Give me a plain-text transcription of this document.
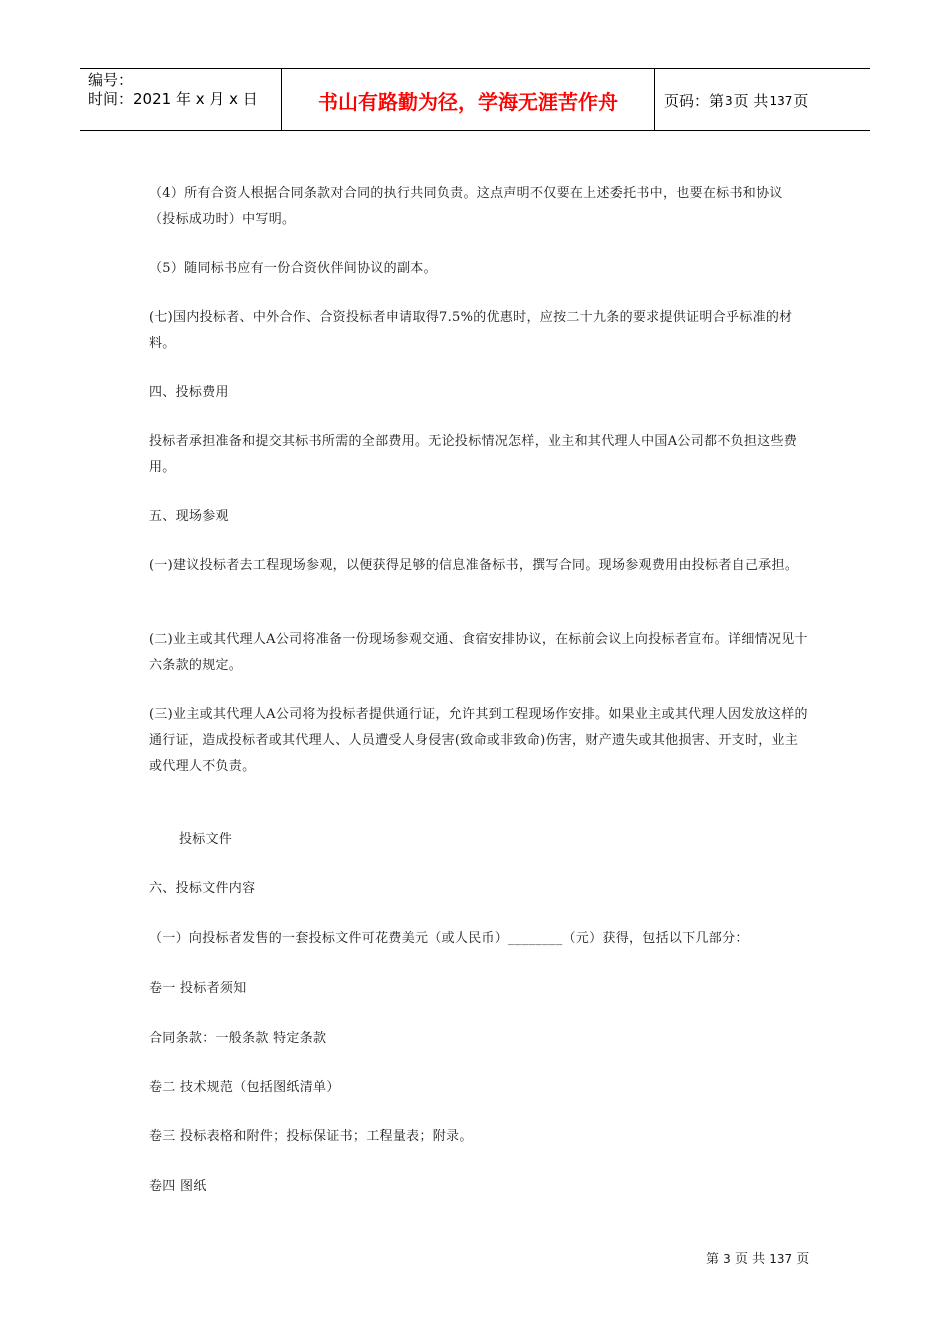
编号：
时间：2021 年 x 月 x 日	书山有路勤为径，学海无涯苦作舟	页码：第 3 页 共 137 页

（4）所有合资人根据合同条款对合同的执行共同负责。这点声明不仅要在上述委托书中，也要在标书和协议（投标成功时）中写明。

（5）随同标书应有一份合资伙伴间协议的副本。

(七)国内投标者、中外合作、合资投标者申请取得7.5%的优惠时，应按二十九条的要求提供证明合乎标准的材料。

四、投标费用

投标者承担准备和提交其标书所需的全部费用。无论投标情况怎样，业主和其代理人中国A公司都不负担这些费用。

五、现场参观

(一)建议投标者去工程现场参观，以便获得足够的信息准备标书，撰写合同。现场参观费用由投标者自己承担。

(二)业主或其代理人A公司将准备一份现场参观交通、食宿安排协议，在标前会议上向投标者宣布。详细情况见十六条款的规定。

(三)业主或其代理人A公司将为投标者提供通行证，允许其到工程现场作安排。如果业主或其代理人因发放这样的通行证，造成投标者或其代理人、人员遭受人身侵害(致命或非致命)伤害，财产遗失或其他损害、开支时，业主或代理人不负责。

投标文件

六、投标文件内容

（一）向投标者发售的一套投标文件可花费美元（或人民币）________（元）获得，包括以下几部分：

卷一 投标者须知

合同条款：一般条款 特定条款

卷二 技术规范（包括图纸清单）

卷三 投标表格和附件；投标保证书；工程量表；附录。

卷四 图纸

第 3 页 共 137 页
